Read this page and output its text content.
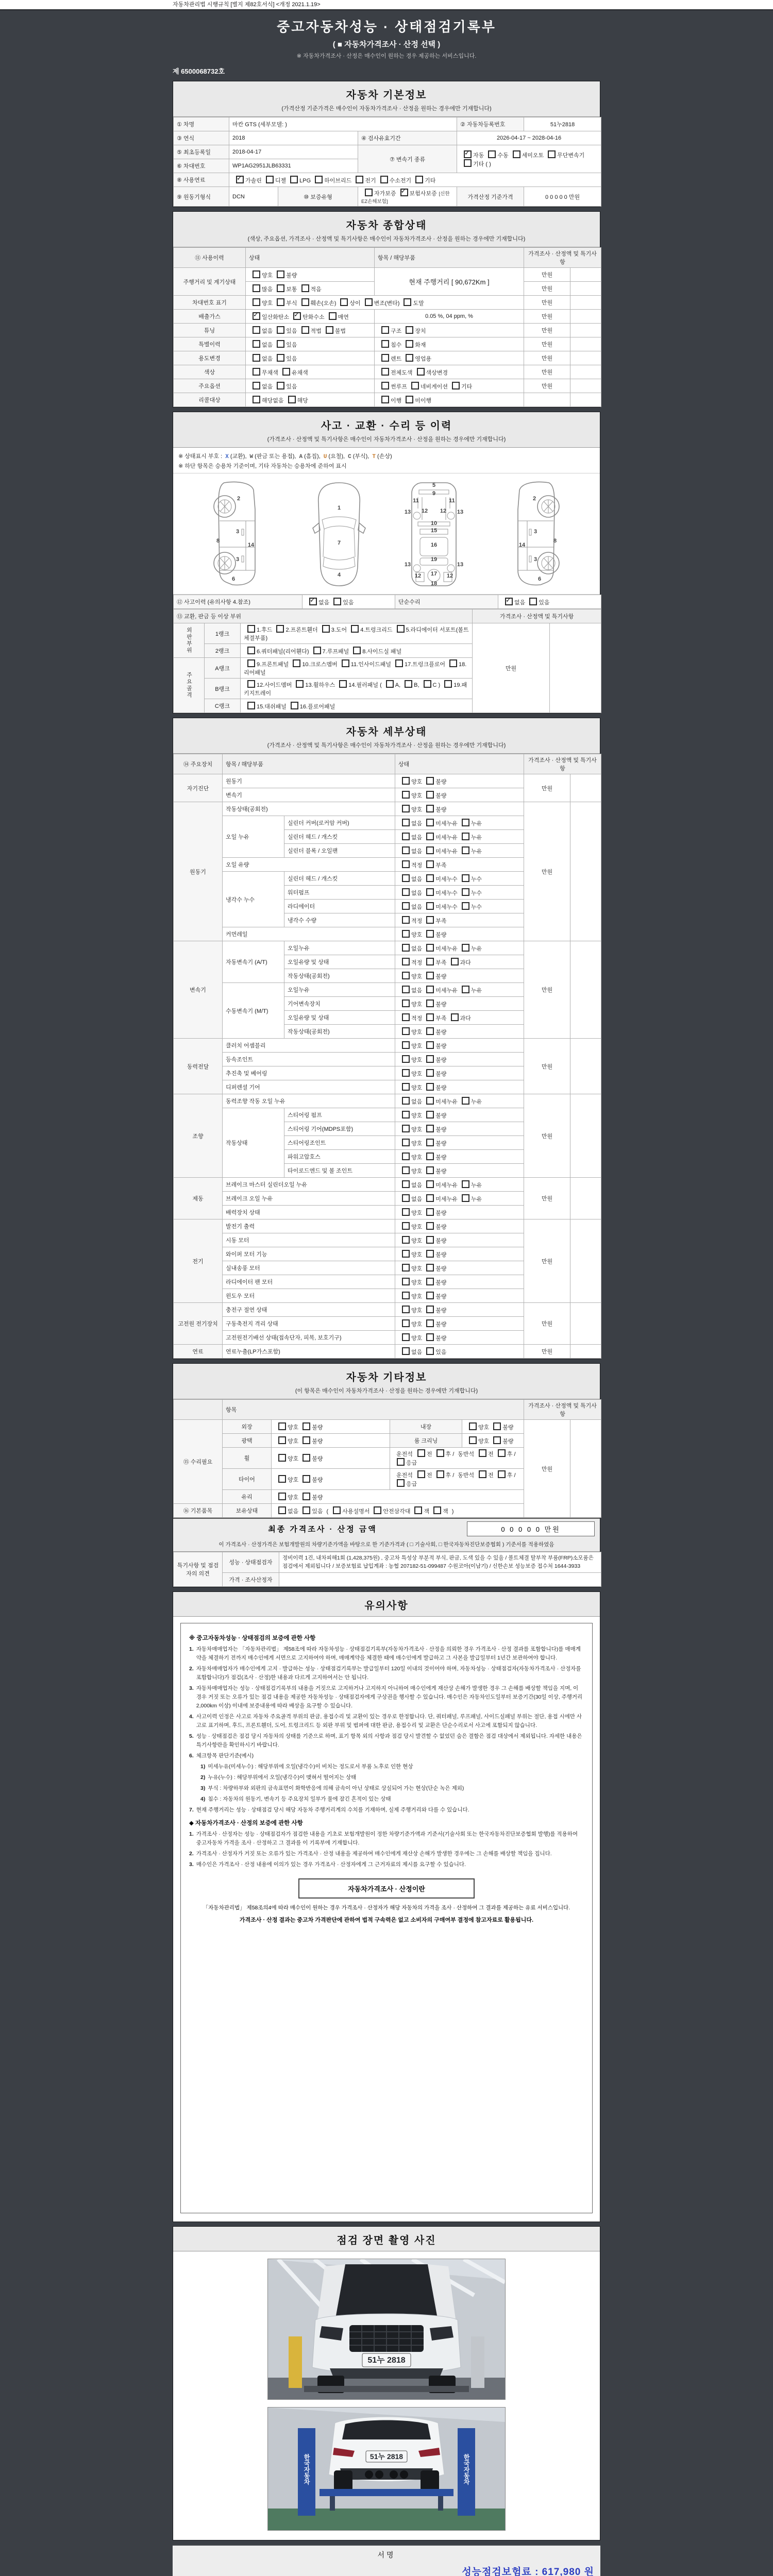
자동차관리법 시행규칙 [별지 제82호서식] <개정 2021.1.19>
중고자동차성능 · 상태점검기록부
( ■ 자동차가격조사 · 산정 선택 )
※ 자동차가격조사 · 산정은 매수인이 원하는 경우 제공하는 서비스입니다.
제 6500068732호
자동차 기본정보
(가격산정 기준가격은 매수인이 자동차가격조사 · 산정을 원하는 경우에만 기재합니다)
① 차명	마칸 GTS (세부모델: )			② 자동차등록번호	51누2818
③ 연식	2018		④ 검사유효기간	2026-04-17 ~ 2028-04-16	
⑤ 최초등록일	2018-04-17		⑦ 변속기 종류	✓자동 수동 세미오토 무단변속기기타 ( )
⑥ 차대번호	WP1AG2951JLB63331				
⑧ 사용연료	✓가솔린 디젤 LPG 하이브리드 전기 수소전기 기타
⑨ 원동기형식	DCN	⑩ 보증유형	자가보증 ✓ 보험사보증 [신한EZ손해보험]	가격산정 기준가격	0 0 0 0 0 만원
자동차 종합상태
(색상, 주요옵션, 가격조사 · 산정액 및 특기사항은 매수인이 자동차가격조사 · 산정을 원하는 경우에만 기재합니다)
⑪ 사용이력	상태	항목 / 해당부품	가격조사 · 산정액 및 특기사항	
주행거리 및 계기상태	양호 불량	현재 주행거리 [ 90,672Km ]	만원	
	많음 보통 적음		만원	
차대번호 표기	양호 부식 훼손(오손) 상이 변조(변타) 도말		만원	
배출가스	✓일산화탄소 ✓ 탄화수소 매연	0.05 %, 04 ppm, %	만원	
튜닝	없음 있음 적법 불법	구조 장치	만원	
특별이력	없음 있음	침수 화재	만원	
용도변경	없음 있음	렌트 영업용	만원	
색상	무채색 유채색	전체도색 색상변경	만원	
주요옵션	없음 있음	썬루프 네비게이션 기타	만원	
리콜대상	해당없음 해당	이행 미이행		
사고 · 교환 · 수리 등 이력
(가격조사 · 산정액 및 특기사항은 매수인이 자동차가격조사 · 산정을 원하는 경우에만 기재합니다)
※ 상태표시 부호 : X (교환), W (판금 또는 용접), A (흠집), U (요철), C (부식), T (손상)
※ 하단 항목은 승용차 기준이며, 기타 자동차는 승용차에 준하여 표시
2
8
3
14
3
6
1
7
4
5
9
11	11
13	13
12 12
10
15
16
19
13	13
12	12
17
18
2
8
3
14
3
6
⑫ 사고이력 (유의사항 4.참조)	✓없음 있음	단순수리	✓없음 있음
⑬ 교환, 판금 등 이상 부위			가격조사 · 산정액 및 특기사항	
외판부위	1랭크	1.후드 2.프론트휀더 3.도어 4.트렁크리드 5.라디에이터 서포트(볼트체결부품)	만원	
	2랭크	6.쿼터패널(리어휀다) 7.루프패널 8.사이드실 패널		
주요골격	A랭크	9.프론트패널 10.크로스멤버 11.인사이드패널 17.트렁크플로어 18.리어패널		
	B랭크	12.사이드멤버 13.휠하우스 14.필러패널 ( A, B, C ) 19.패키지트레이		
	C랭크	15.대쉬패널 16.플로어패널		
자동차 세부상태
(가격조사 · 산정액 및 특기사항은 매수인이 자동차가격조사 · 산정을 원하는 경우에만 기재합니다)
⑭ 주요장치	항목 / 해당부품		상태	가격조사 · 산정액 및 특기사항	
자기진단	원동기		양호 불량	만원	
	변속기		양호 불량		
원동기	작동상태(공회전)		양호 불량	만원	
	오일 누유	실린더 커버(로커암 커버)	없음 미세누유 누유		
		실린더 헤드 / 개스킷	없음 미세누유 누유		
		실린더 블록 / 오일팬	없음 미세누유 누유		
	오일 유량		적정 부족		
	냉각수 누수	실린더 헤드 / 개스킷	없음 미세누수 누수		
		워터펌프	없음 미세누수 누수		
		라디에이터	없음 미세누수 누수		
		냉각수 수량	적정 부족		
	커먼레일		양호 불량		
변속기	자동변속기 (A/T)	오일누유	없음 미세누유 누유	만원	
		오일유량 및 상태	적정 부족 과다		
		작동상태(공회전)	양호 불량		
	수동변속기 (M/T)	오일누유	없음 미세누유 누유		
		기어변속장치	양호 불량		
		오일유량 및 상태	적정 부족 과다		
		작동상태(공회전)	양호 불량		
동력전달	클러치 어셈블리		양호 불량	만원	
	등속조인트		양호 불량		
	추진축 및 베어링		양호 불량		
	디퍼렌셜 기어		양호 불량		
조향	동력조향 작동 오일 누유		없음 미세누유 누유	만원	
	작동상태	스티어링 펌프	양호 불량		
		스티어링 기어(MDPS포함)	양호 불량		
		스티어링조인트	양호 불량		
		파워고압호스	양호 불량		
		타이로드엔드 및 볼 조인트	양호 불량		
제동	브레이크 마스터 실린더오일 누유		없음 미세누유 누유	만원	
	브레이크 오일 누유		없음 미세누유 누유		
	배력장치 상태		양호 불량		
전기	발전기 출력		양호 불량	만원	
	시동 모터		양호 불량		
	와이퍼 모터 기능		양호 불량		
	실내송풍 모터		양호 불량		
	라디에이터 팬 모터		양호 불량		
	윈도우 모터		양호 불량		
고전원 전기장치	충전구 절연 상태		양호 불량	만원	
	구동축전지 격리 상태		양호 불량		
	고전원전기배선 상태(접속단자, 피복, 보호기구)		양호 불량		
연료	연료누출(LP가스포함)		없음 있음	만원	
자동차 기타정보
(이 항목은 매수인이 자동차가격조사 · 산정을 원하는 경우에만 기재합니다)
	항목				가격조사 · 산정액 및 특기사항	
⑮ 수리필요	외장	양호 불량	내장	양호 불량	만원	
	광택	양호 불량	룸 크리닝	양호 불량		
	휠	양호 불량	운전석 전 후 / 동반석 전 후 /응급			
	타이어	양호 불량	운전석 전 후 / 동반석 전 후 /응급			
	유리	양호 불량				
⑯ 기본품목	보유상태	없음 있음 ( 사용설명서 안전삼각대 잭 잭 )				
최종 가격조사 · 산정 금액	0 0 0 0 0 만원
이 가격조사 · 산정가격은 보험개발원의 차량기준가액을 바탕으로 한 기준가격과 ( □ 기술사회, □ 한국자동차진단보증협회 ) 기준서를 적용하였음
특기사항 및 점검자의 의견	성능 · 상태점검자	정비이력 1건, 내차피해1회 (1,428,375원) , 중고차 특성상 부분적 부식, 판금, 도색 있을 수 있음 / 볼트체결 탈부착 부품(FRP)소모품은 점검에서 제외됩니다 / 보증보험료 납입계좌 : 농협 207182-51-099487 수원코아(이남기) / 신한손보 성능보증 접수처 1644-3933
	가격 · 조사산정자	
유의사항
※ 중고자동차성능 · 상태점검의 보증에 관한 사항
1. 자동차매매업자는 「자동차관리법」 제58조에 따라 자동차성능 · 상태점검기록부(자동차가격조사 · 산정을 의뢰한 경우 가격조사 · 산정 결과를 포함합니다)를 매매계약을 체결하기 전까지 매수인에게 서면으로 고지하여야 하며, 매매계약을 체결한 때에 매수인에게 발급하고 그 사본을 발급일부터 1년간 보관하여야 합니다.
2. 자동차매매업자가 매수인에게 고지 · 발급하는 성능 · 상태점검기록부는 발급일부터 120일 이내의 것이어야 하며, 자동차성능 · 상태점검자(자동차가격조사 · 산정자를 포함합니다)가 점검(조사 · 산정)한 내용과 다르게 고지하여서는 안 됩니다.
3. 자동차매매업자는 성능 · 상태점검기록부의 내용을 거짓으로 고지하거나 고지하지 아니하여 매수인에게 재산상 손해가 발생한 경우 그 손해를 배상할 책임을 지며, 이 경우 거짓 또는 오류가 있는 점검 내용을 제공한 자동차성능 · 상태점검자에게 구상권을 행사할 수 있습니다. 매수인은 자동차인도일부터 보증기간(30일 이상, 주행거리 2,000km 이상) 이내에 보증내용에 따라 배상을 요구할 수 있습니다.
4. 사고이력 인정은 사고로 자동차 주요골격 부위의 판금, 용접수리 및 교환이 있는 경우로 한정합니다. 단, 쿼터패널, 루프패널, 사이드실패널 부위는 절단, 용접 시에만 사고로 표기하며, 후드, 프론트휀더, 도어, 트렁크리드 등 외판 부위 및 범퍼에 대한 판금, 용접수리 및 교환은 단순수리로서 사고에 포함되지 않습니다.
5. 성능 · 상태점검은 점검 당시 자동차의 상태를 기준으로 하며, 표기 항목 외의 사항과 점검 당시 발견할 수 없었던 숨은 결함은 점검 대상에서 제외됩니다. 자세한 내용은 특기사항란을 확인하시기 바랍니다.
6. 체크항목 판단기준(예시)
1) 미세누유(미세누수) : 해당부위에 오일(냉각수)이 비치는 정도로서 부품 노후로 인한 현상
2) 누유(누수) : 해당부위에서 오일(냉각수)이 맺혀서 떨어지는 상태
3) 부식 : 차량하부와 외판의 금속표면이 화학반응에 의해 금속이 아닌 상태로 상실되어 가는 현상(단순 녹은 제외)
4) 침수 : 자동차의 원동기, 변속기 등 주요장치 일부가 물에 잠긴 흔적이 있는 상태
7. 현재 주행거리는 성능 · 상태점검 당시 해당 자동차 주행거리계의 수치를 기재하며, 실제 주행거리와 다를 수 있습니다.
◆ 자동차가격조사 · 산정의 보증에 관한 사항
1. 가격조사 · 산정자는 성능 · 상태점검자가 점검한 내용을 기초로 보험개발원이 정한 차량기준가액과 기준서(기술사회 또는 한국자동차진단보증협회 발행)를 적용하여 중고자동차 가격을 조사 · 산정하고 그 결과를 이 기록부에 기재합니다.
2. 가격조사 · 산정자가 거짓 또는 오류가 있는 가격조사 · 산정 내용을 제공하여 매수인에게 재산상 손해가 발생한 경우에는 그 손해를 배상할 책임을 집니다.
3. 매수인은 가격조사 · 산정 내용에 이의가 있는 경우 가격조사 · 산정자에게 그 근거자료의 제시를 요구할 수 있습니다.
자동차가격조사 · 산정이란
「자동차관리법」 제58조의4에 따라 매수인이 원하는 경우 가격조사 · 산정자가 해당 자동차의 가격을 조사 · 산정하여 그 결과를 제공하는 유료 서비스입니다.
가격조사 · 산정 결과는 중고차 가격판단에 관하여 법적 구속력은 없고 소비자의 구매여부 결정에 참고자료로 활용됩니다.
점검 장면 촬영 사진
51누 2818
한국자동차	한국자동차
51누 2818
서명
성능점검보험료 : 617,980 원
